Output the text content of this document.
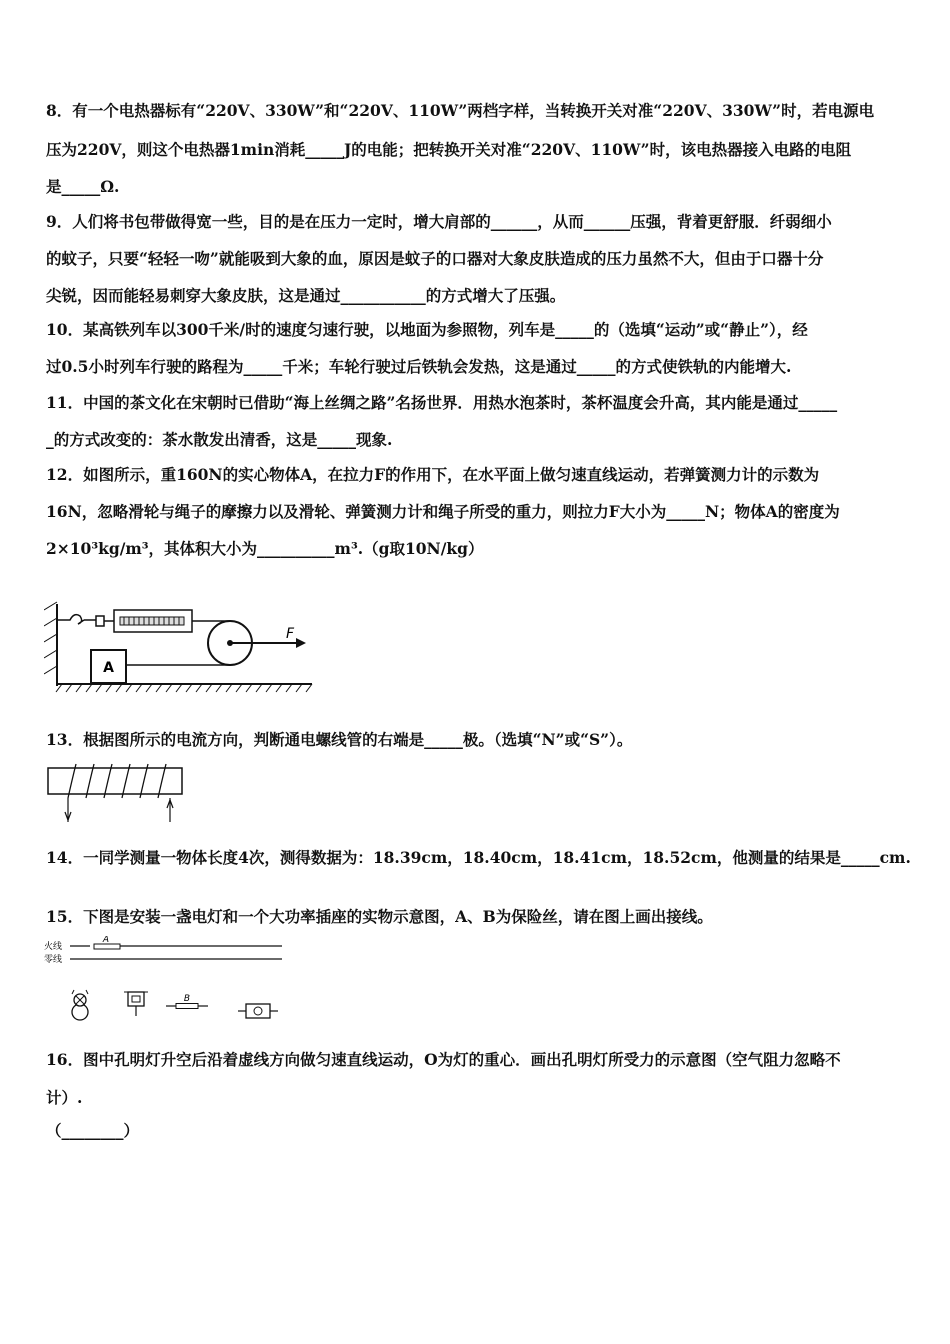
8．有一个电热器标有“220V、330W”和“220V、110W”两档字样，当转换开关对准“220V、330W”时，若电源电
压为220V，则这个电热器1min消耗_____J的电能；把转换开关对准“220V、110W”时，该电热器接入电路的电阻
是_____Ω.
9．人们将书包带做得宽一些，目的是在压力一定时，增大肩部的______，从而______压强，背着更舒服．纤弱细小
的蚊子，只要“轻轻一吻”就能吸到大象的血，原因是蚊子的口器对大象皮肤造成的压力虽然不大，但由于口器十分
尖锐，因而能轻易刺穿大象皮肤，这是通过___________的方式增大了压强。
10．某高铁列车以300千米/时的速度匀速行驶，以地面为参照物，列车是_____的（选填“运动”或“静止”），经
过0.5小时列车行驶的路程为_____千米；车轮行驶过后铁轨会发热，这是通过_____的方式使铁轨的内能增大.
11．中国的茶文化在宋朝时已借助“海上丝绸之路”名扬世界．用热水泡茶时，茶杯温度会升高，其内能是通过_____
_的方式改变的：茶水散发出清香，这是_____现象.
12．如图所示，重160N的实心物体A，在拉力F的作用下，在水平面上做匀速直线运动，若弹簧测力计的示数为
16N，忽略滑轮与绳子的摩擦力以及滑轮、弹簧测力计和绳子所受的重力，则拉力F大小为_____N；物体A的密度为
2×10³kg/m³，其体积大小为__________m³.（g取10N/kg）
A
F
13．根据图所示的电流方向，判断通电螺线管的右端是_____极。（选填“N”或“S”）。
14．一同学测量一物体长度4次，测得数据为：18.39cm，18.40cm，18.41cm，18.52cm，他测量的结果是_____cm.
15．下图是安装一盏电灯和一个大功率插座的实物示意图，A、B为保险丝，请在图上画出接线。
火线
零线
A
B
16．图中孔明灯升空后沿着虚线方向做匀速直线运动，O为灯的重心．画出孔明灯所受力的示意图（空气阻力忽略不
计）.
（________）
